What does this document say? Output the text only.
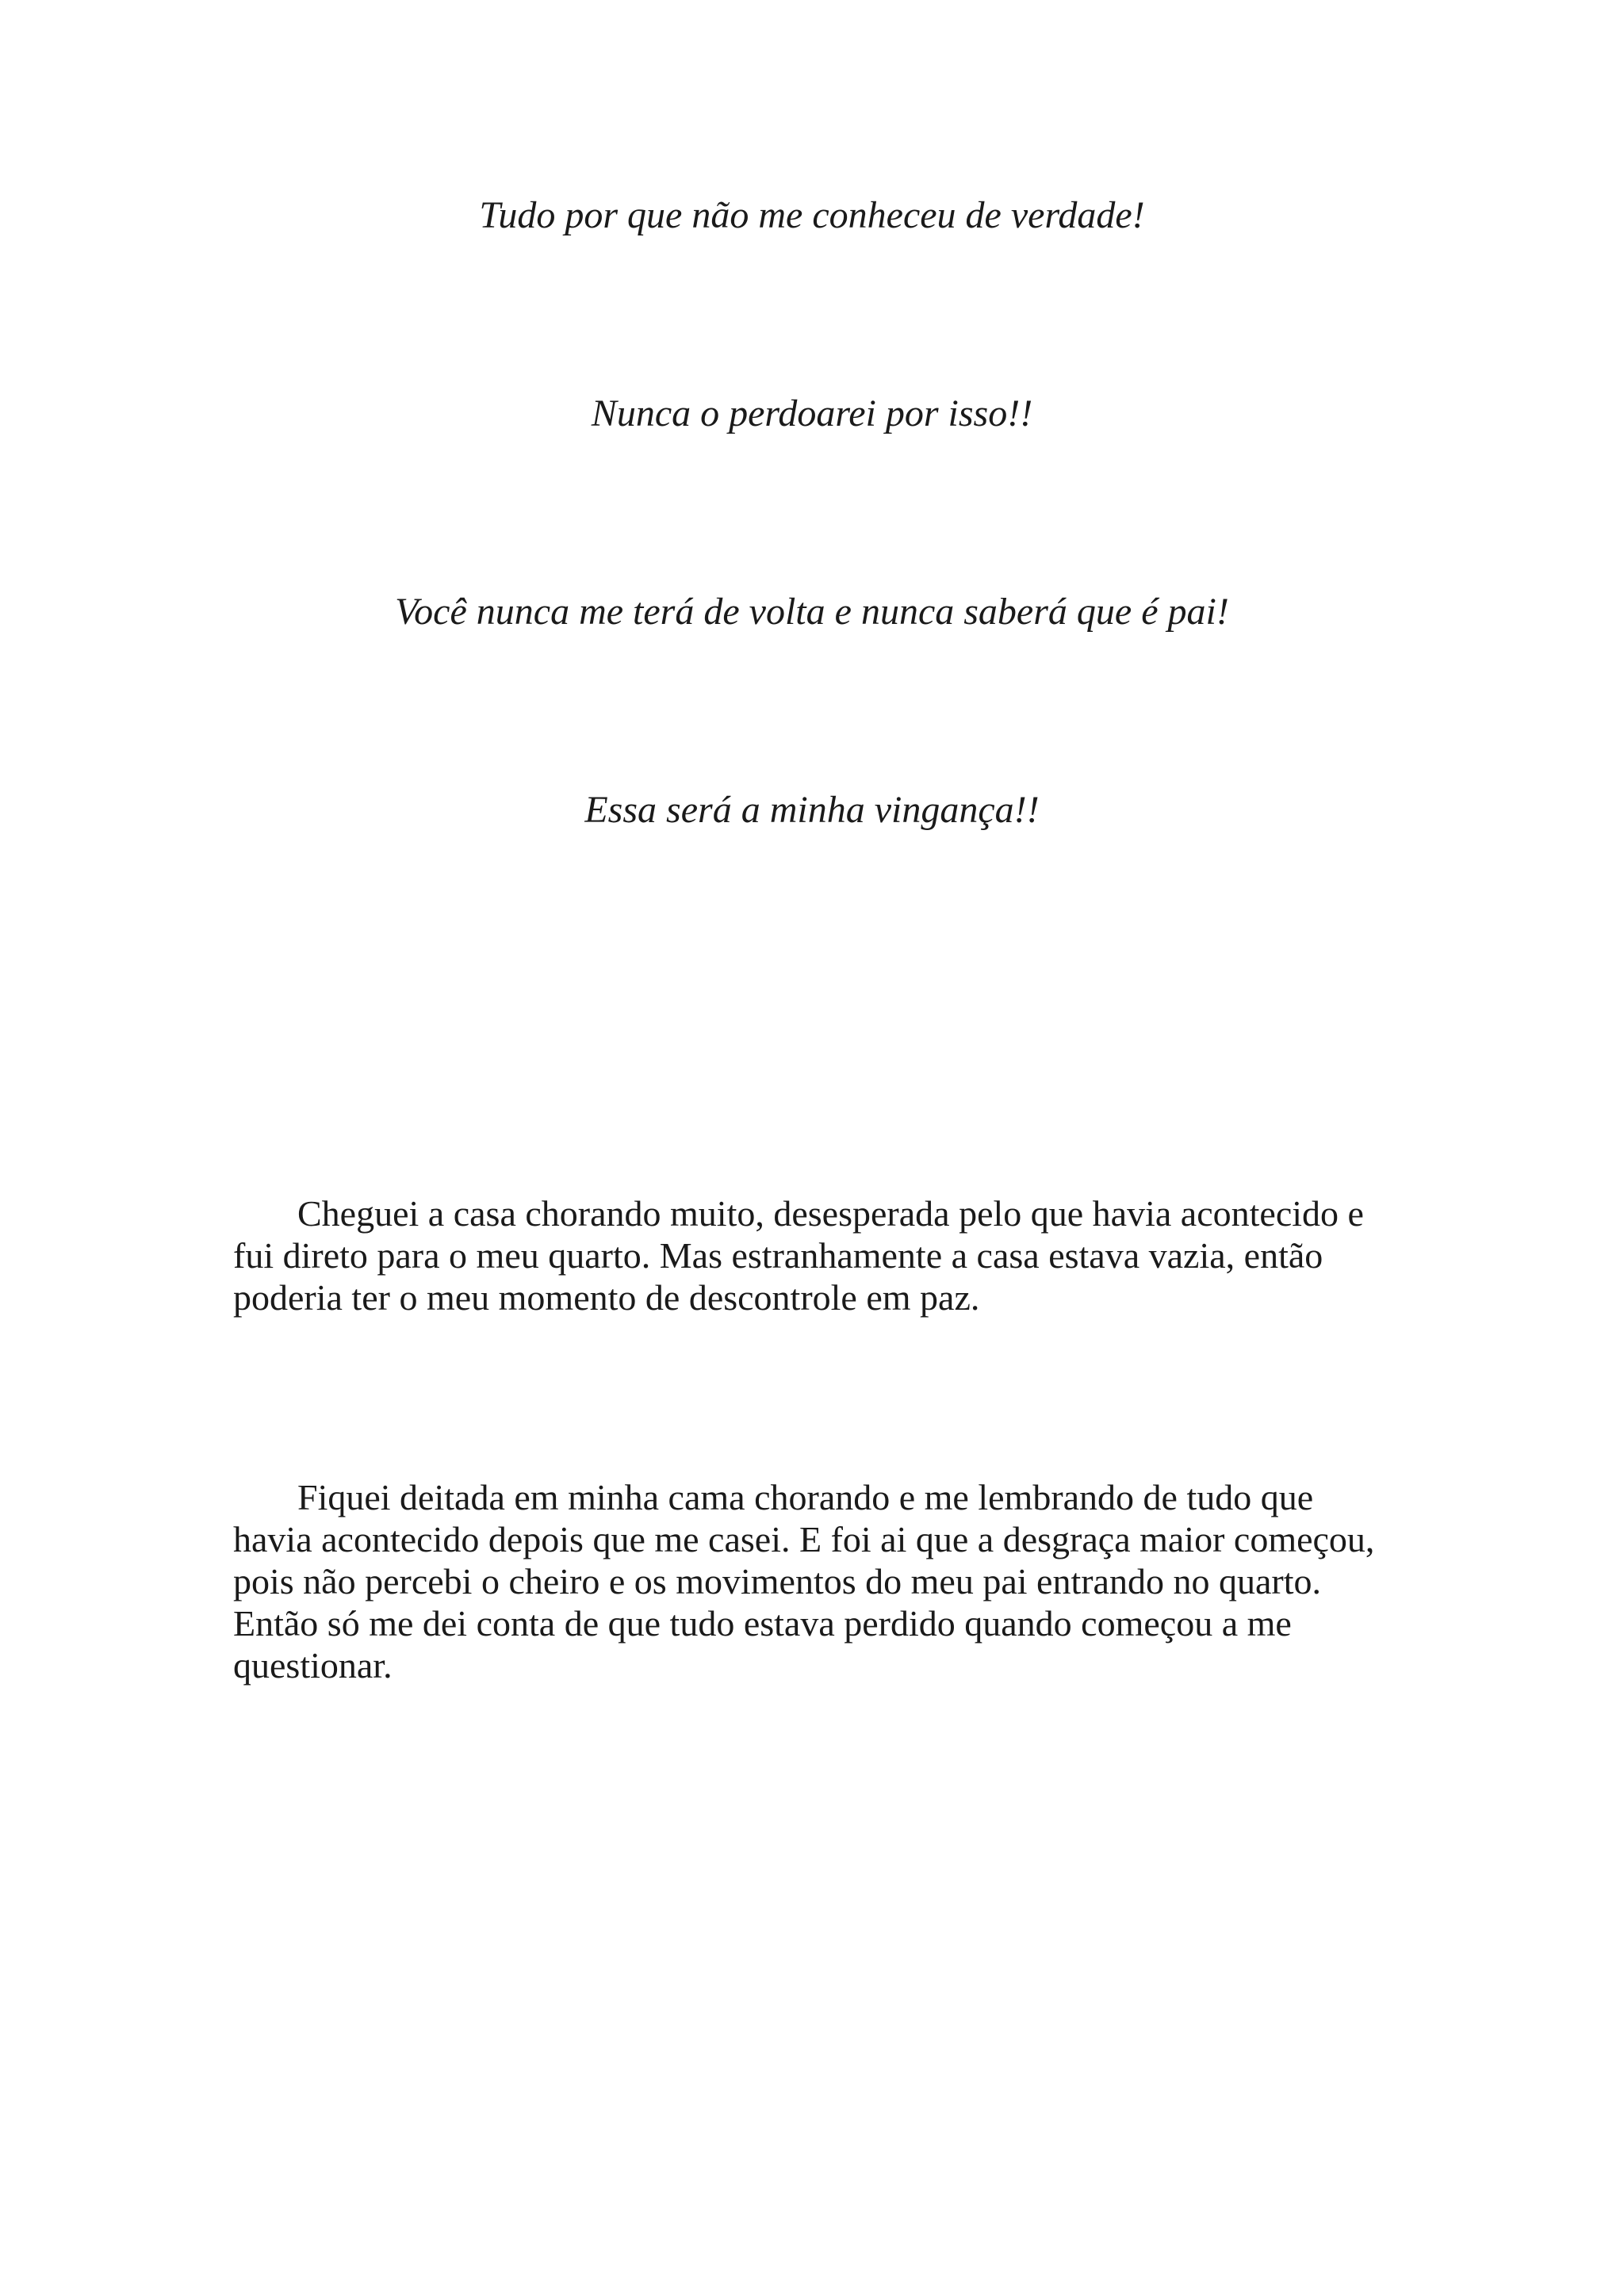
Tudo por que não me conheceu de verdade!

Nunca o perdoarei por isso!!

Você nunca me terá de volta e nunca saberá que é pai!

Essa será a minha vingança!!

Cheguei a casa chorando muito, desesperada pelo que havia acontecido e
fui direto para o meu quarto. Mas estranhamente a casa estava vazia, então
poderia ter o meu momento de descontrole em paz.

Fiquei deitada em minha cama chorando e me lembrando de tudo que
havia acontecido depois que me casei. E foi ai que a desgraça maior começou,
pois não percebi o cheiro e os movimentos do meu pai entrando no quarto.
Então só me dei conta de que tudo estava perdido quando começou a me
questionar.
